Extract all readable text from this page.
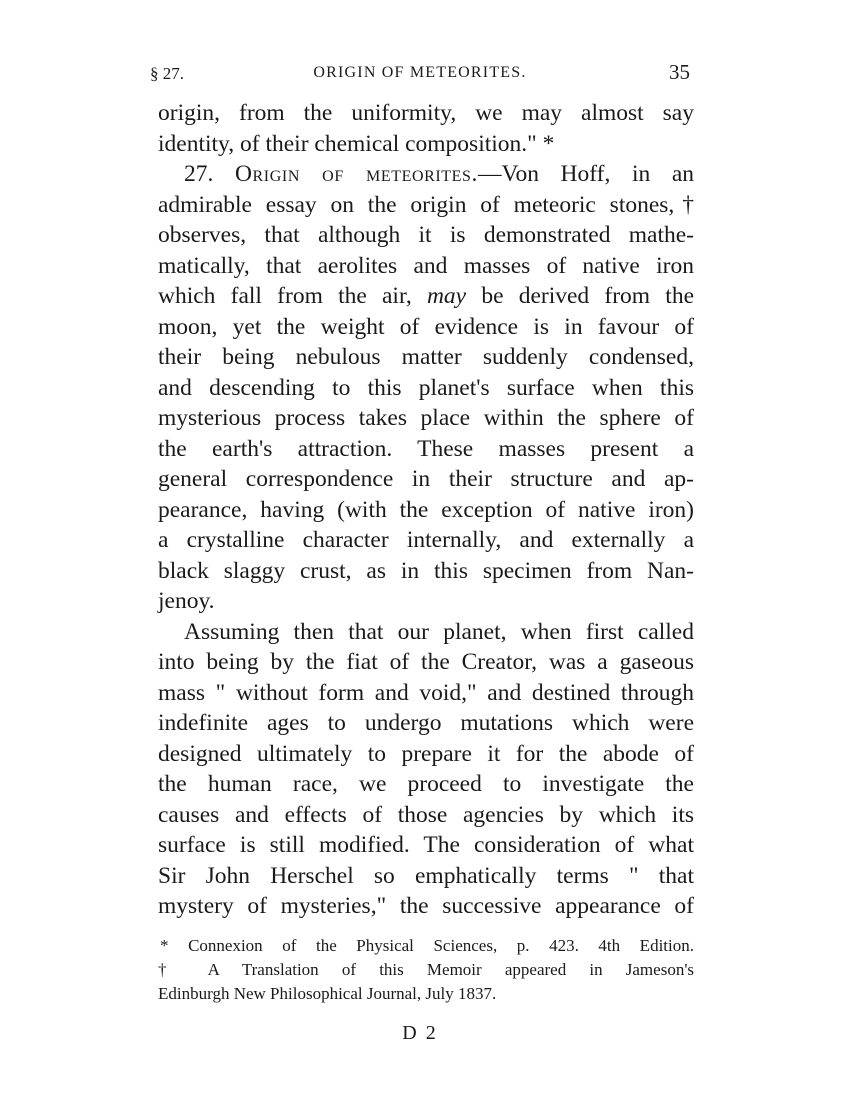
§ 27.	ORIGIN OF METEORITES.	35
origin, from the uniformity, we may almost say
identity, of their chemical composition." *
27. Origin of meteorites.—Von Hoff, in an
admirable essay on the origin of meteoric stones,†
observes, that although it is demonstrated mathe-
matically, that aerolites and masses of native iron
which fall from the air, may be derived from the
moon, yet the weight of evidence is in favour of
their being nebulous matter suddenly condensed,
and descending to this planet's surface when this
mysterious process takes place within the sphere of
the earth's attraction. These masses present a
general correspondence in their structure and ap-
pearance, having (with the exception of native iron)
a crystalline character internally, and externally a
black slaggy crust, as in this specimen from Nan-
jenoy.
Assuming then that our planet, when first called
into being by the fiat of the Creator, was a gaseous
mass " without form and void," and destined through
indefinite ages to undergo mutations which were
designed ultimately to prepare it for the abode of
the human race, we proceed to investigate the
causes and effects of those agencies by which its
surface is still modified. The consideration of what
Sir John Herschel so emphatically terms " that
mystery of mysteries," the successive appearance of
* Connexion of the Physical Sciences, p. 423. 4th Edition.
† A Translation of this Memoir appeared in Jameson's
Edinburgh New Philosophical Journal, July 1837.
D 2
